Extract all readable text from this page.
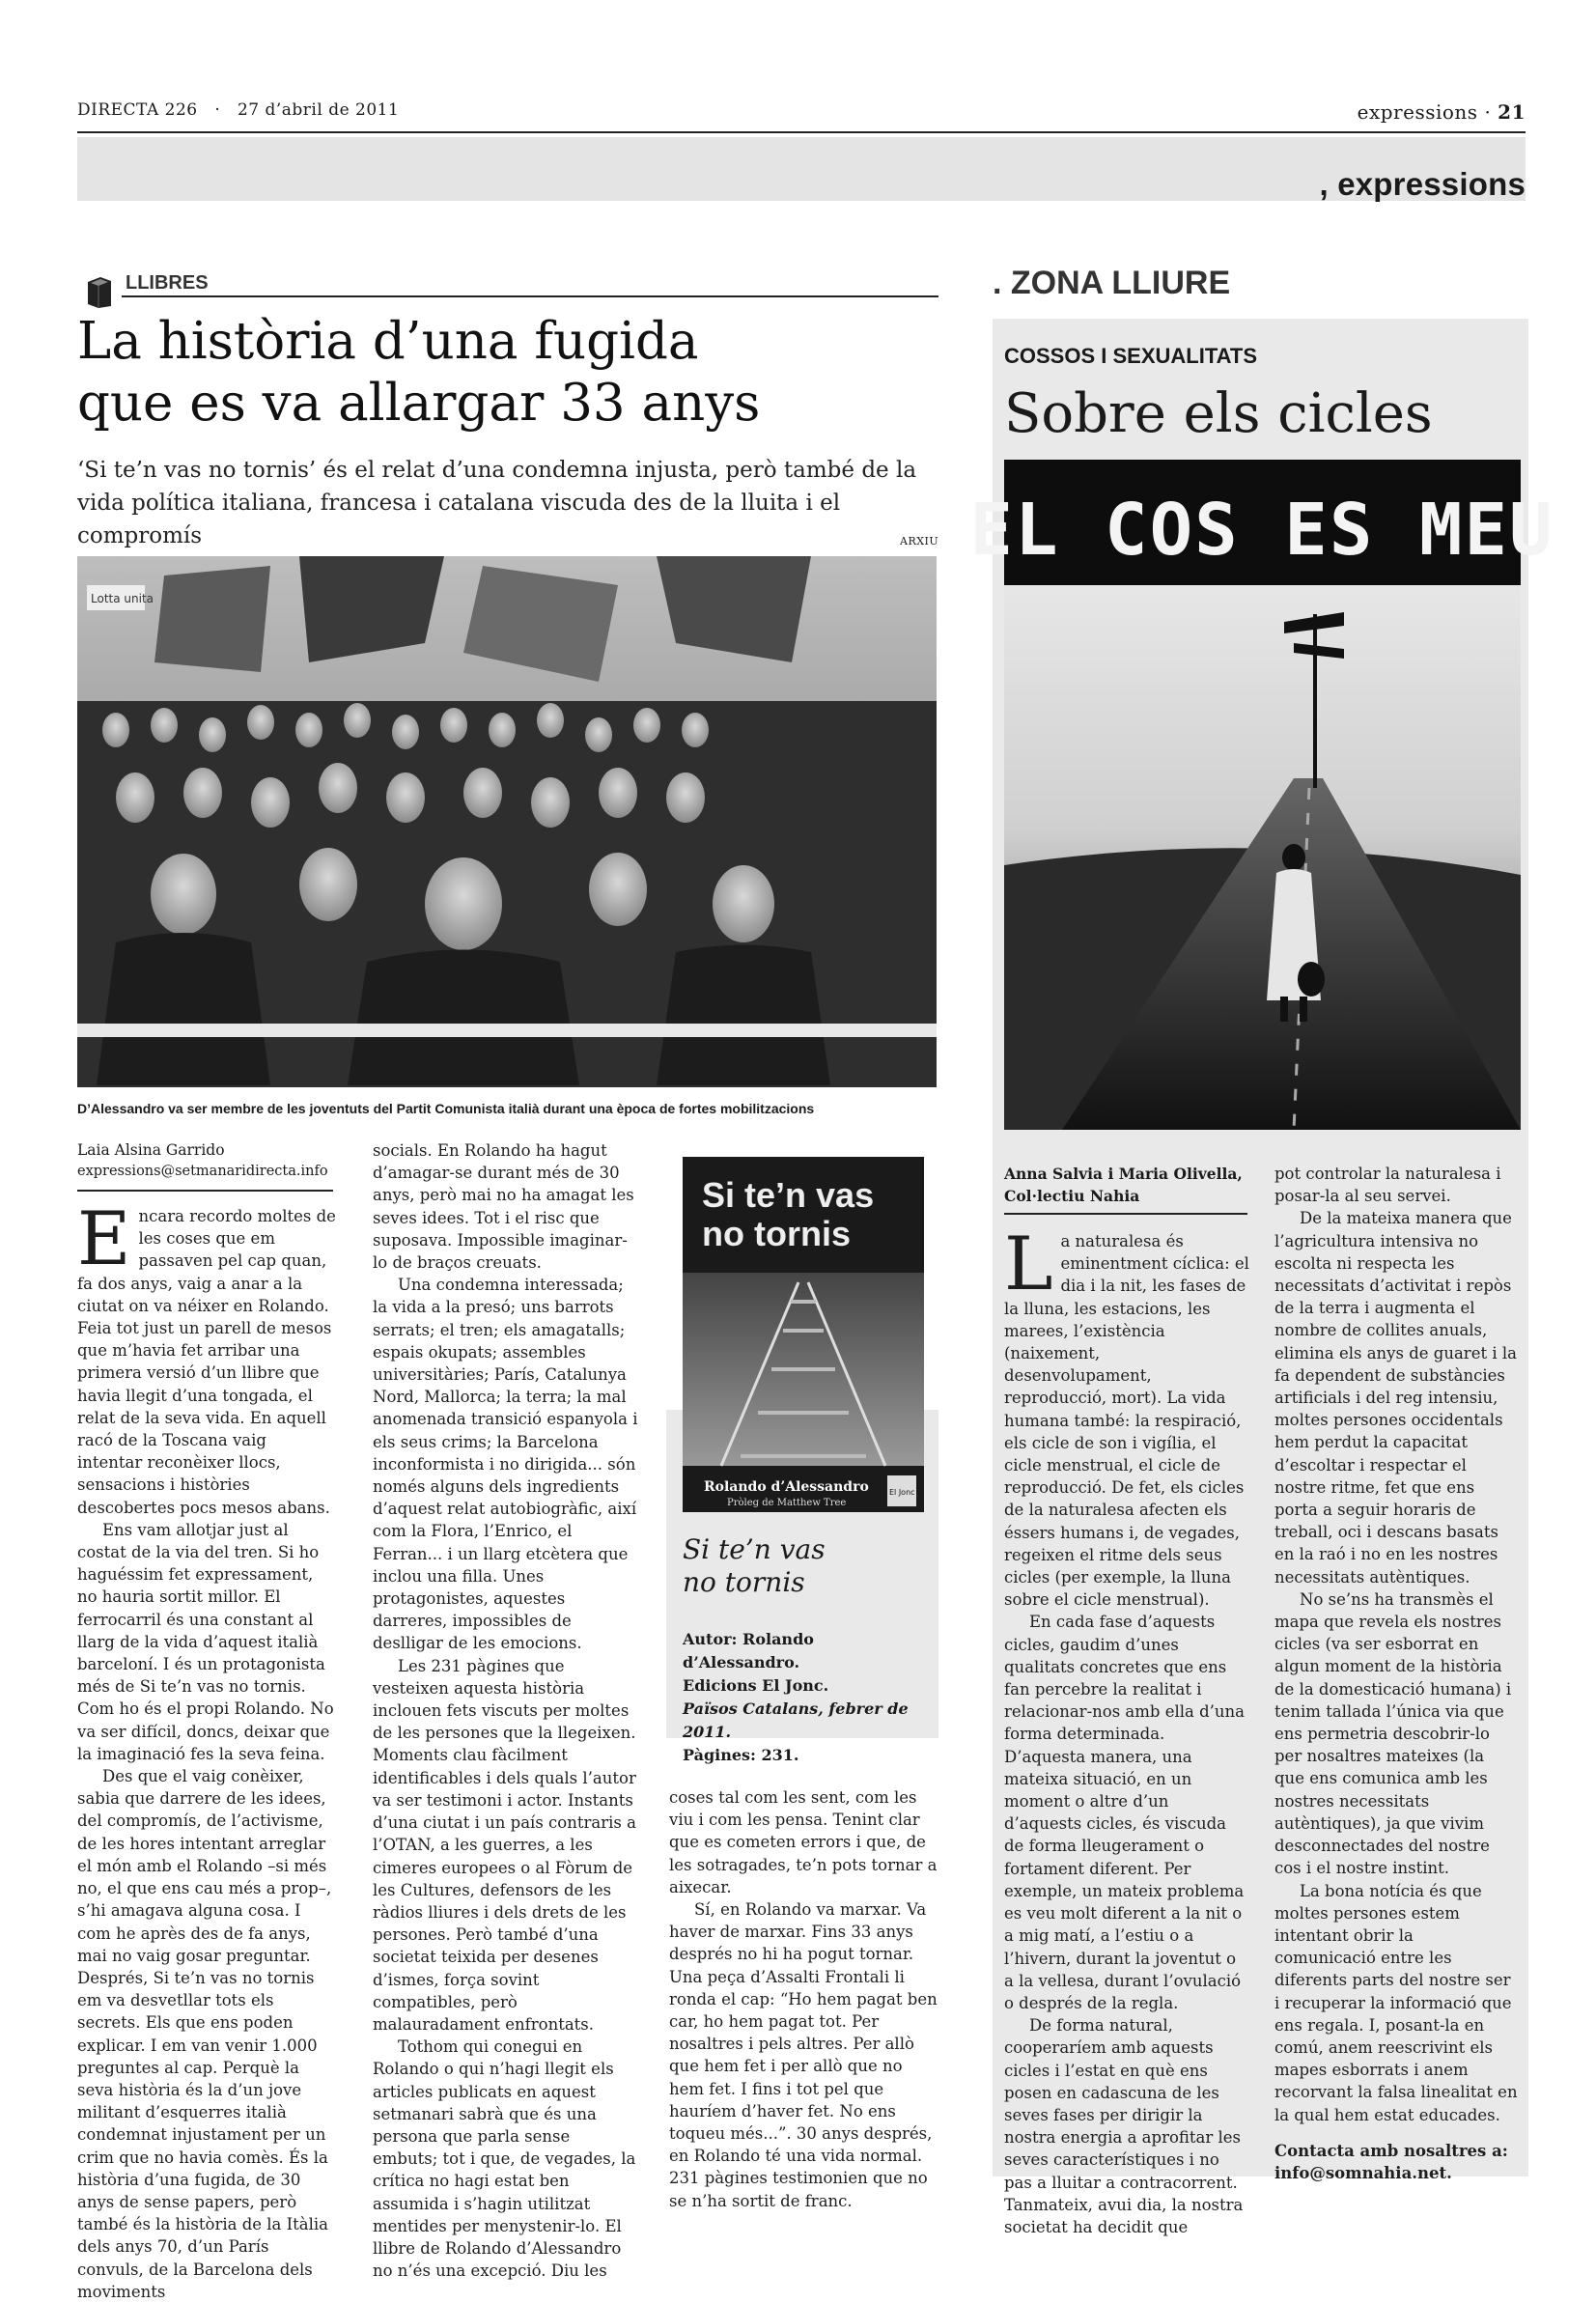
DIRECTA 226 · 27 d’abril de 2011	expressions · 21
, expressions
LLIBRES
La història d’una fugida
que es va allargar 33 anys
‘Si te’n vas no tornis’ és el relat d’una condemna injusta, però també de la vida política italiana, francesa i catalana viscuda des de la lluita i el compromís	ARXIU
Lotta unita
D’Alessandro va ser membre de les joventuts del Partit Comunista italià durant una època de fortes mobilitzacions
Laia Alsina Garrido
expressions@setmanaridirecta.info

Encara recordo moltes de les coses que em passaven pel cap quan, fa dos anys, vaig a anar a la ciutat on va néixer en Rolando. Feia tot just un parell de mesos que m’havia fet arribar una primera versió d’un llibre que havia llegit d’una tongada, el relat de la seva vida. En aquell racó de la Toscana vaig intentar reconèixer llocs, sensacions i històries descobertes pocs mesos abans.

Ens vam allotjar just al costat de la via del tren. Si ho haguéssim fet expressament, no hauria sortit millor. El ferrocarril és una constant al llarg de la vida d’aquest italià barceloní. I és un protagonista més de Si te’n vas no tornis. Com ho és el propi Rolando. No va ser difícil, doncs, deixar que la imaginació fes la seva feina.

Des que el vaig conèixer, sabia que darrere de les idees, del compromís, de l’activisme, de les hores intentant arreglar el món amb el Rolando –si més no, el que ens cau més a prop–, s’hi amagava alguna cosa. I com he après des de fa anys, mai no vaig gosar preguntar. Després, Si te’n vas no tornis em va desvetllar tots els secrets. Els que ens poden explicar. I em van venir 1.000 preguntes al cap. Perquè la seva història és la d’un jove militant d’esquerres italià condemnat injustament per un crim que no havia comès. És la història d’una fugida, de 30 anys de sense papers, però també és la història de la Itàlia dels anys 70, d’un París convuls, de la Barcelona dels moviments

socials. En Rolando ha hagut d’amagar-se durant més de 30 anys, però mai no ha amagat les seves idees. Tot i el risc que suposava. Impossible imaginar-lo de braços creuats.

Una condemna interessada; la vida a la presó; uns barrots serrats; el tren; els amagatalls; espais okupats; assembles universitàries; París, Catalunya Nord, Mallorca; la terra; la mal anomenada transició espanyola i els seus crims; la Barcelona inconformista i no dirigida... són només alguns dels ingredients d’aquest relat autobiogràfic, així com la Flora, l’Enrico, el Ferran... i un llarg etcètera que inclou una filla. Unes protagonistes, aquestes darreres, impossibles de deslligar de les emocions.

Les 231 pàgines que vesteixen aquesta història inclouen fets viscuts per moltes de les persones que la llegeixen. Moments clau fàcilment identificables i dels quals l’autor va ser testimoni i actor. Instants d’una ciutat i un país contraris a l’OTAN, a les guerres, a les cimeres europees o al Fòrum de les Cultures, defensors de les ràdios lliures i dels drets de les persones. Però també d’una societat teixida per desenes d’ismes, força sovint compatibles, però malauradament enfrontats.

Tothom qui conegui en Rolando o qui n’hagi llegit els articles publicats en aquest setmanari sabrà que és una persona que parla sense embuts; tot i que, de vegades, la crítica no hagi estat ben assumida i s’hagin utilitzat mentides per menystenir-lo. El llibre de Rolando d’Alessandro no n’és una excepció. Diu les

Si te’n vas
no tornis
Rolando d’Alessandro
Pròleg de Matthew Tree
El Jonc
Si te’n vas
no tornis
Autor: Rolando d’Alessandro.
Edicions El Jonc.
Països Catalans, febrer de 2011.
Pàgines: 231.

coses tal com les sent, com les viu i com les pensa. Tenint clar que es cometen errors i que, de les sotragades, te’n pots tornar a aixecar.

Sí, en Rolando va marxar. Va haver de marxar. Fins 33 anys després no hi ha pogut tornar. Una peça d’Assalti Frontali li ronda el cap: “Ho hem pagat ben car, ho hem pagat tot. Per nosaltres i pels altres. Per allò que hem fet i per allò que no hem fet. I fins i tot pel que hauríem d’haver fet. No ens toqueu més...”. 30 anys després, en Rolando té una vida normal. 231 pàgines testimonien que no se n’ha sortit de franc.

. ZONA LLIURE
COSSOS I SEXUALITATS
Sobre els cicles
EL COS ES MEU
Anna Salvia i Maria Olivella,
Col·lectiu Nahia

La naturalesa és eminentment cíclica: el dia i la nit, les fases de la lluna, les estacions, les marees, l’existència (naixement, desenvolupament, reproducció, mort). La vida humana també: la respiració, els cicle de son i vigília, el cicle menstrual, el cicle de reproducció. De fet, els cicles de la naturalesa afecten els éssers humans i, de vegades, regeixen el ritme dels seus cicles (per exemple, la lluna sobre el cicle menstrual).

En cada fase d’aquests cicles, gaudim d’unes qualitats concretes que ens fan percebre la realitat i relacionar-nos amb ella d’una forma determinada. D’aquesta manera, una mateixa situació, en un moment o altre d’un d’aquests cicles, és viscuda de forma lleugerament o fortament diferent. Per exemple, un mateix problema es veu molt diferent a la nit o a mig matí, a l’estiu o a l’hivern, durant la joventut o a la vellesa, durant l’ovulació o després de la regla.

De forma natural, cooperaríem amb aquests cicles i l’estat en què ens posen en cadascuna de les seves fases per dirigir la nostra energia a aprofitar les seves característiques i no pas a lluitar a contracorrent. Tanmateix, avui dia, la nostra societat ha decidit que

pot controlar la naturalesa i posar-la al seu servei.

De la mateixa manera que l’agricultura intensiva no escolta ni respecta les necessitats d’activitat i repòs de la terra i augmenta el nombre de collites anuals, elimina els anys de guaret i la fa dependent de substàncies artificials i del reg intensiu, moltes persones occidentals hem perdut la capacitat d’escoltar i respectar el nostre ritme, fet que ens porta a seguir horaris de treball, oci i descans basats en la raó i no en les nostres necessitats autèntiques.

No se’ns ha transmès el mapa que revela els nostres cicles (va ser esborrat en algun moment de la història de la domesticació humana) i tenim tallada l’única via que ens permetria descobrir-lo per nosaltres mateixes (la que ens comunica amb les nostres necessitats autèntiques), ja que vivim desconnectades del nostre cos i el nostre instint.

La bona notícia és que moltes persones estem intentant obrir la comunicació entre les diferents parts del nostre ser i recuperar la informació que ens regala. I, posant-la en comú, anem reescrivint els mapes esborrats i anem recorvant la falsa linealitat en la qual hem estat educades.

Contacta amb nosaltres a:
info@somnahia.net.
